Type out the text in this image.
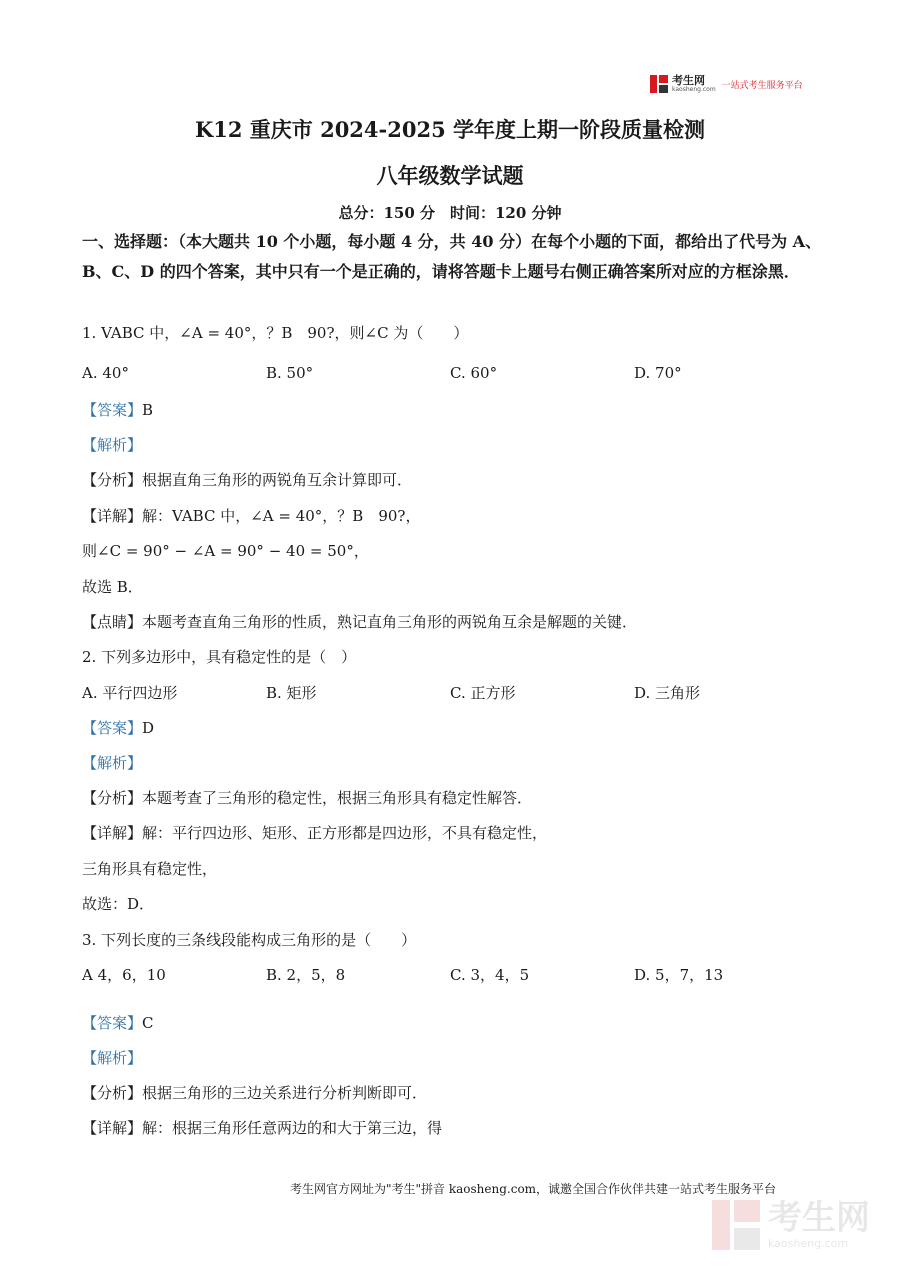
考生网
kaosheng.com 一站式考生服务平台
K12 重庆市 2024-2025 学年度上期一阶段质量检测
八年级数学试题
总分：150 分　时间：120 分钟
一、选择题：（本大题共 10 个小题，每小题 4 分，共 40 分）在每个小题的下面，都给出了代号为 A、B、C、D 的四个答案，其中只有一个是正确的，请将答题卡上题号右侧正确答案所对应的方框涂黑．
1. VABC 中，∠A = 40°，？B　90?，则∠C 为（　　）
A. 40°	B. 50°	C. 60°	D. 70°
【答案】B
【解析】
【分析】根据直角三角形的两锐角互余计算即可．
【详解】解：VABC 中，∠A = 40°，？B　90?，
则∠C = 90° − ∠A = 90° − 40 = 50°，
故选 B．
【点睛】本题考查直角三角形的性质，熟记直角三角形的两锐角互余是解题的关键．
2. 下列多边形中，具有稳定性的是（　）
A. 平行四边形	B. 矩形	C. 正方形	D. 三角形
【答案】D
【解析】
【分析】本题考查了三角形的稳定性，根据三角形具有稳定性解答．
【详解】解：平行四边形、矩形、正方形都是四边形，不具有稳定性，
三角形具有稳定性，
故选：D．
3. 下列长度的三条线段能构成三角形的是（　　）
A 4，6，10	B. 2，5，8	C. 3，4，5	D. 5，7，13
【答案】C
【解析】
【分析】根据三角形的三边关系进行分析判断即可．
【详解】解：根据三角形任意两边的和大于第三边，得
考生网官方网址为"考生"拼音 kaosheng.com，诚邀全国合作伙伴共建一站式考生服务平台
考生网
kaosheng.com
